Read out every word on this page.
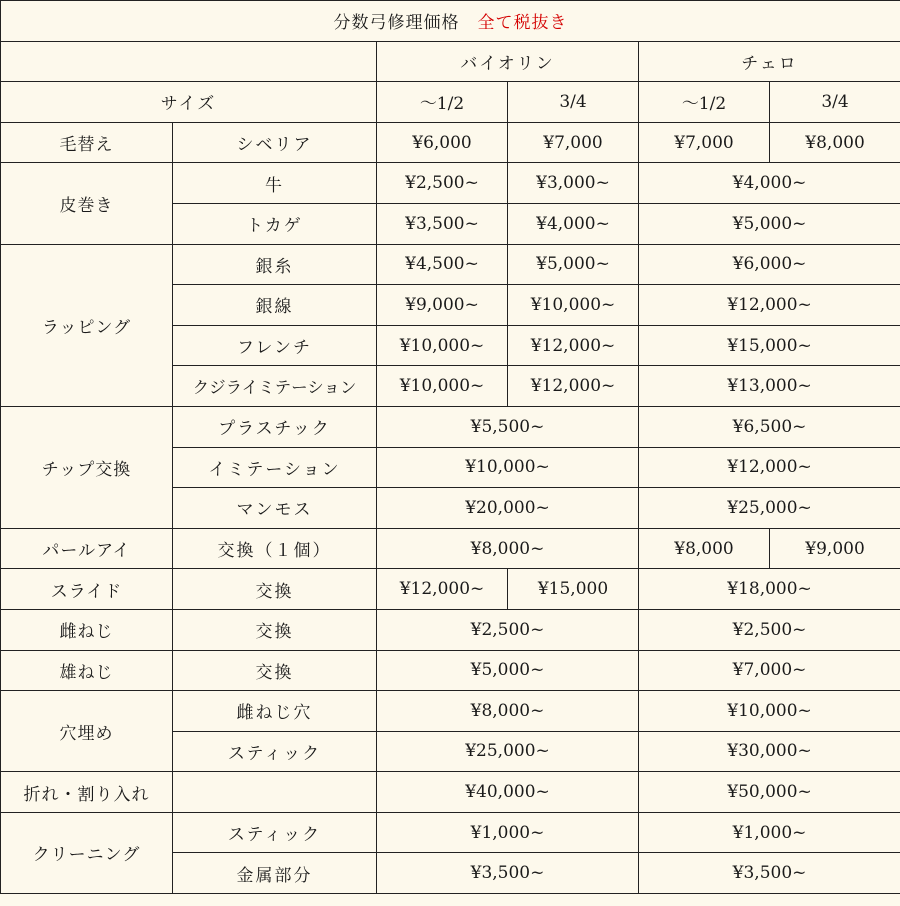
分数弓修理価格 全て税抜き					
		バイオリン		チェロ	
サイズ		〜1/2	3/4	〜1/2	3/4
毛替え	シベリア	¥6,000	¥7,000	¥7,000	¥8,000
皮巻き	牛	¥2,500~	¥3,000~	¥4,000~	
	トカゲ	¥3,500~	¥4,000~	¥5,000~	
ラッピング	銀糸	¥4,500~	¥5,000~	¥6,000~	
	銀線	¥9,000~	¥10,000~	¥12,000~	
	フレンチ	¥10,000~	¥12,000~	¥15,000~	
	クジライミテーション	¥10,000~	¥12,000~	¥13,000~	
チップ交換	プラスチック	¥5,500~		¥6,500~	
	イミテーション	¥10,000~		¥12,000~	
	マンモス	¥20,000~		¥25,000~	
パールアイ	交換（１個）	¥8,000~		¥8,000	¥9,000
スライド	交換	¥12,000~	¥15,000	¥18,000~	
雌ねじ	交換	¥2,500~		¥2,500~	
雄ねじ	交換	¥5,000~		¥7,000~	
穴埋め	雌ねじ穴	¥8,000~		¥10,000~	
	スティック	¥25,000~		¥30,000~	
折れ・割り入れ		¥40,000~		¥50,000~	
クリーニング	スティック	¥1,000~		¥1,000~	
	金属部分	¥3,500~		¥3,500~	
